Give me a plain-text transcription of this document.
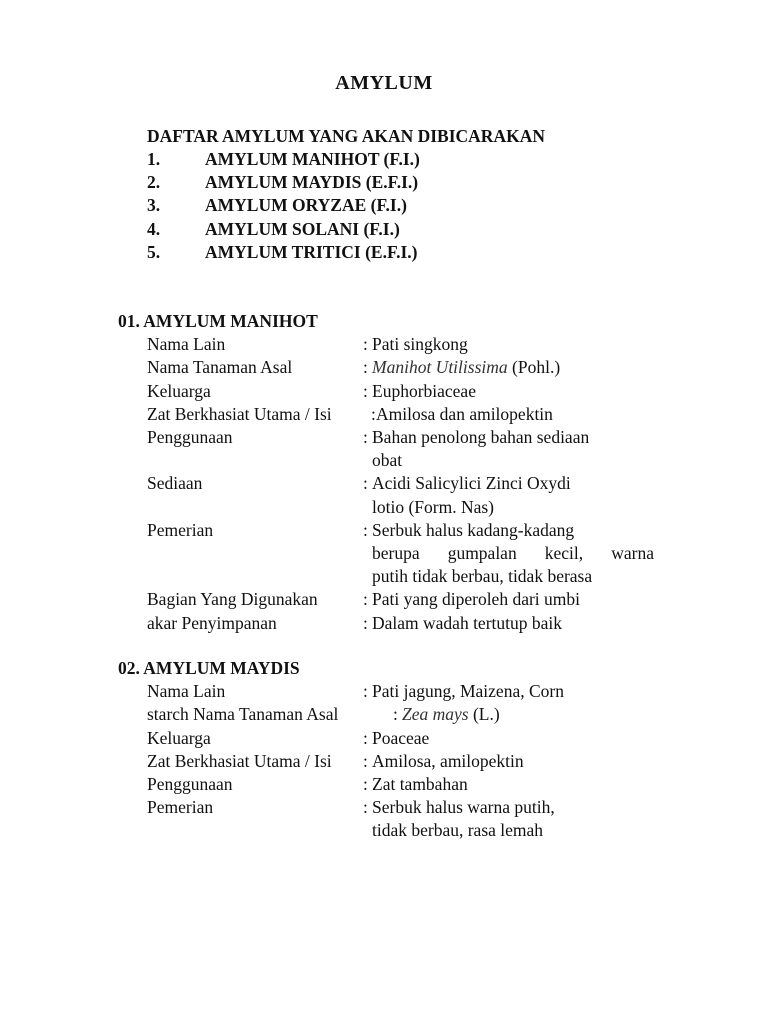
AMYLUM
DAFTAR AMYLUM YANG AKAN DIBICARAKAN
1.	AMYLUM MANIHOT (F.I.)
2.	AMYLUM MAYDIS (E.F.I.)
3.	AMYLUM ORYZAE (F.I.)
4.	AMYLUM SOLANI (F.I.)
5.	AMYLUM TRITICI (E.F.I.)
01. AMYLUM MANIHOT
Nama Lain	: Pati singkong
Nama Tanaman Asal	: Manihot Utilissima (Pohl.)
Keluarga	: Euphorbiaceae
Zat Berkhasiat Utama / Isi	: Amilosa dan amilopektin
Penggunaan	: Bahan penolong bahan sediaan
obat
Sediaan	: Acidi Salicylici Zinci Oxydi
lotio (Form. Nas)
Pemerian	: Serbuk halus kadang-kadang
berupa gumpalan kecil, warna
putih tidak berbau, tidak berasa
Bagian Yang Digunakan	: Pati yang diperoleh dari umbi
akar Penyimpanan	: Dalam wadah tertutup baik
02. AMYLUM MAYDIS
Nama Lain	: Pati jagung, Maizena, Corn
starch Nama Tanaman Asal	: Zea mays (L.)
Keluarga	: Poaceae
Zat Berkhasiat Utama / Isi	: Amilosa, amilopektin
Penggunaan	: Zat tambahan
Pemerian	: Serbuk halus warna putih,
tidak berbau, rasa lemah
